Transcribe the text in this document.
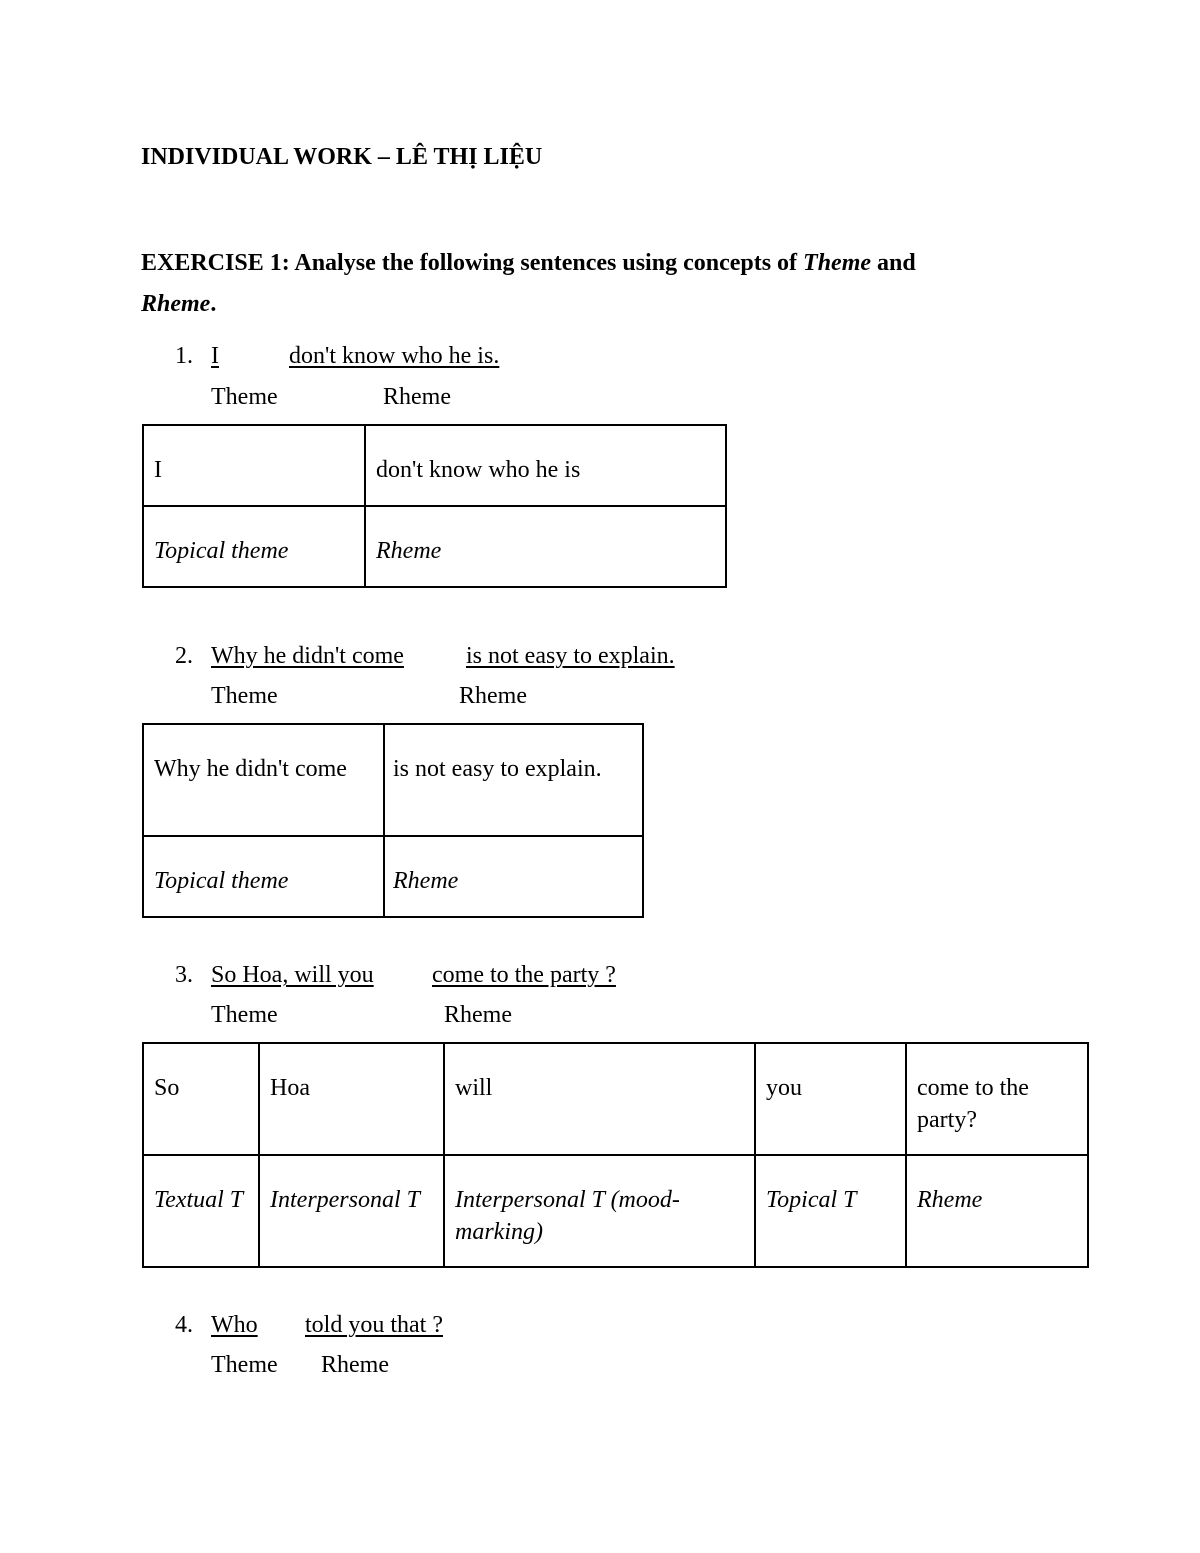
INDIVIDUAL WORK – LÊ THỊ LIỆU
EXERCISE 1: Analyse the following sentences using concepts of Theme and
Rheme.
1. I	don't know who he is.
Theme	Rheme
I	don't know who he is
Topical theme	Rheme
2. Why he didn't come	is not easy to explain.
Theme	Rheme
Why he didn't come	is not easy to explain.
Topical theme	Rheme
3. So Hoa, will you come to the party ?
Theme	Rheme
So	Hoa	will	you	come to the party?
Textual T	Interpersonal T	Interpersonal T (mood-marking)	Topical T	Rheme
4. Who told you that ?
Theme Rheme
